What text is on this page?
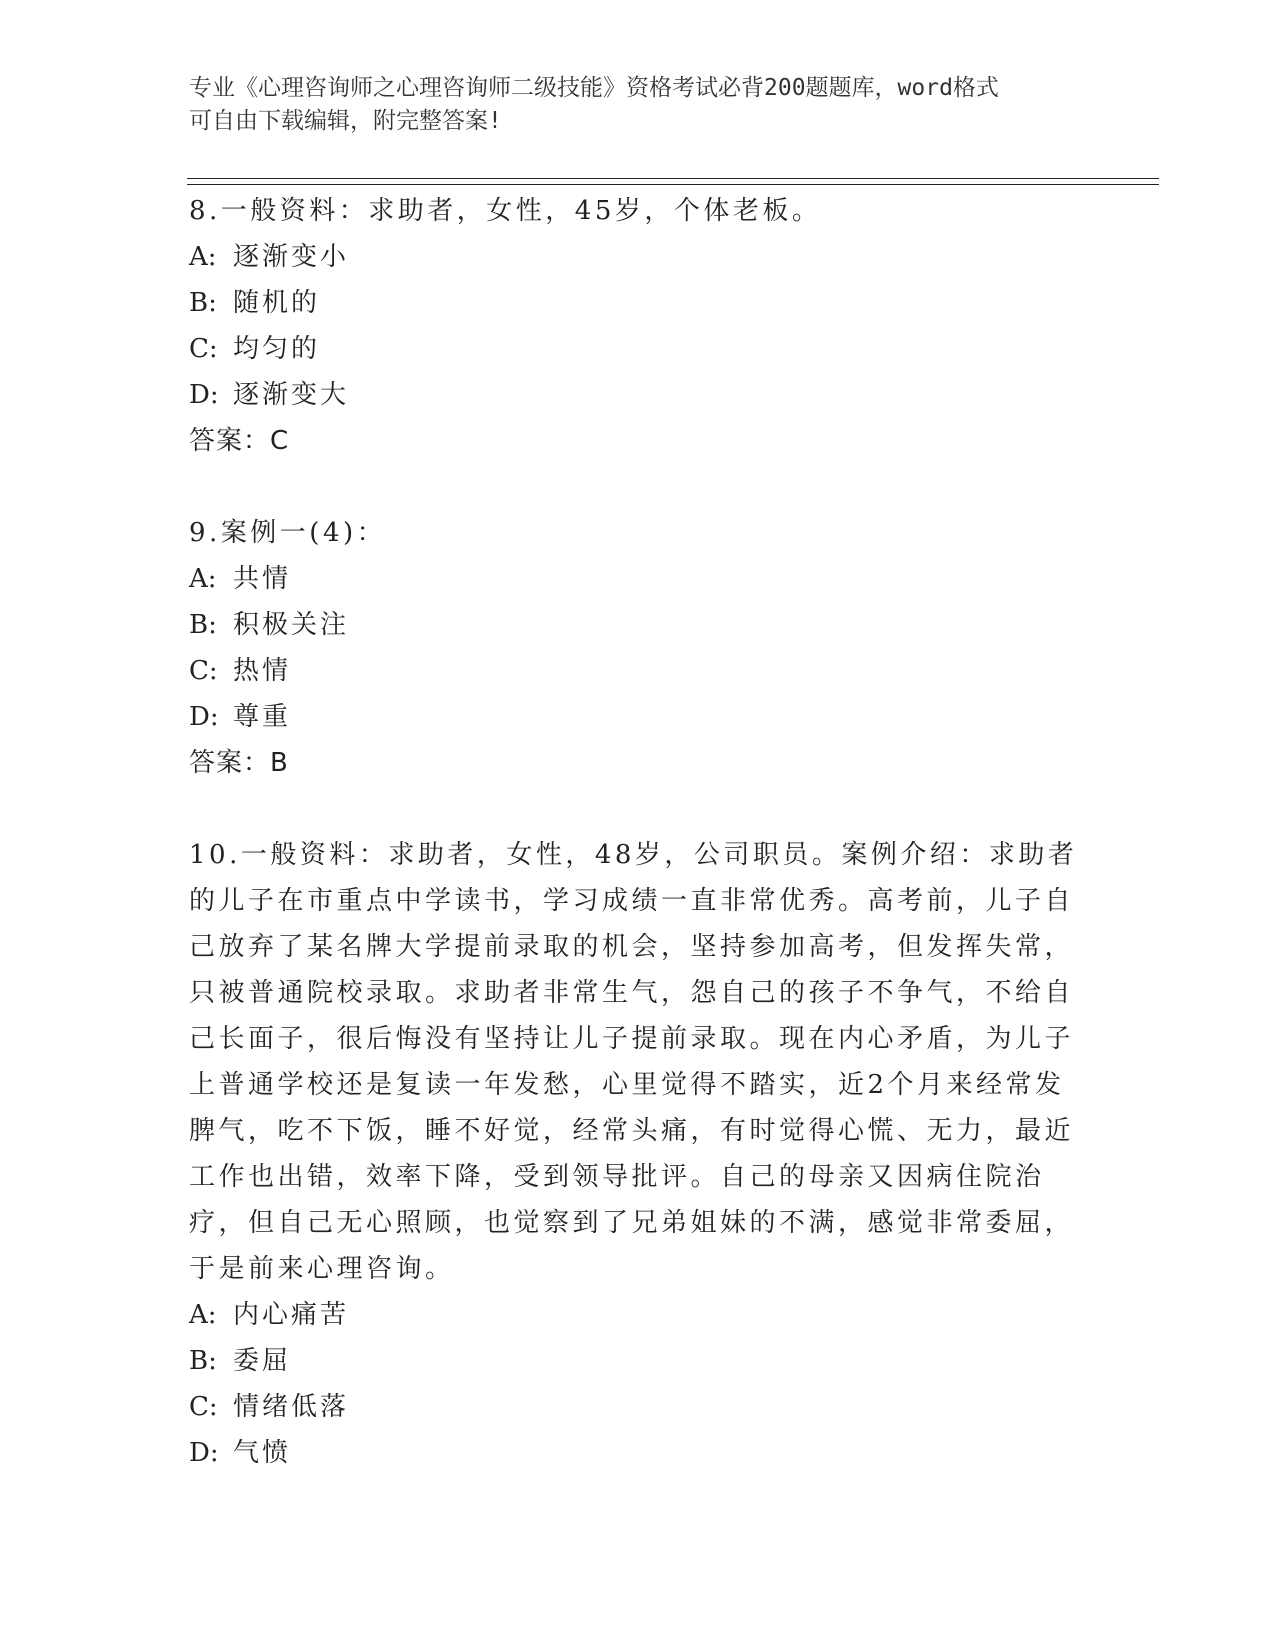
专业《心理咨询师之心理咨询师二级技能》资格考试必背200题题库，word格式
可自由下载编辑，附完整答案!

8.一般资料：求助者，女性，45岁，个体老板。

A: 逐渐变小

B: 随机的

C: 均匀的

D: 逐渐变大

答案：C

9.案例一(4)：

A: 共情

B: 积极关注

C: 热情

D: 尊重

答案：B

10.一般资料：求助者，女性，48岁，公司职员。案例介绍：求助者的儿子在市重点中学读书，学习成绩一直非常优秀。高考前，儿子自己放弃了某名牌大学提前录取的机会，坚持参加高考，但发挥失常，只被普通院校录取。求助者非常生气，怨自己的孩子不争气，不给自己长面子，很后悔没有坚持让儿子提前录取。现在内心矛盾，为儿子上普通学校还是复读一年发愁，心里觉得不踏实，近2个月来经常发脾气，吃不下饭，睡不好觉，经常头痛，有时觉得心慌、无力，最近工作也出错，效率下降，受到领导批评。自己的母亲又因病住院治疗，但自己无心照顾，也觉察到了兄弟姐妹的不满，感觉非常委屈，于是前来心理咨询。

A: 内心痛苦

B: 委屈

C: 情绪低落

D: 气愤
